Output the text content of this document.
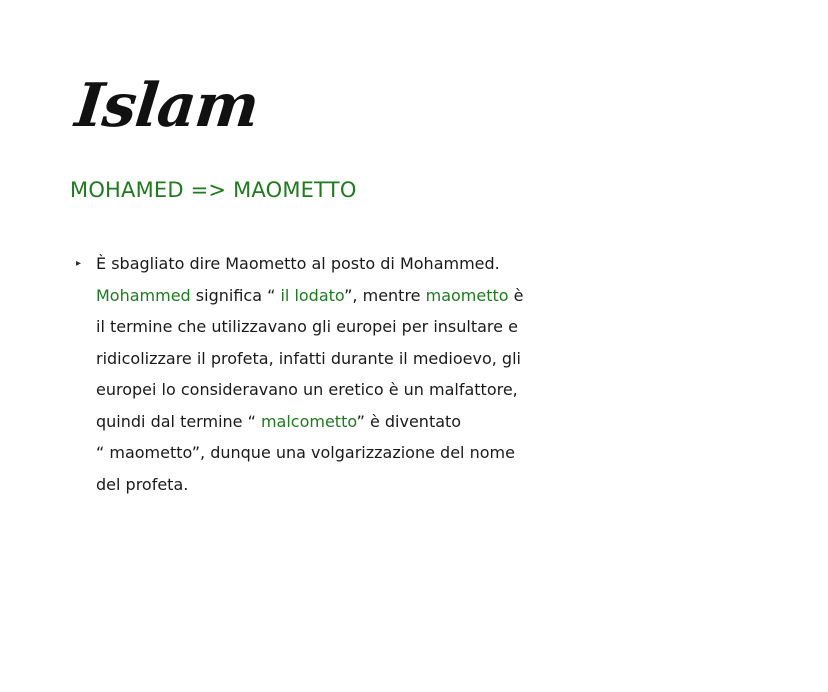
Islam
MOHAMED => MAOMETTO
▸ È sbagliato dire Maometto al posto di Mohammed.
Mohammed significa “ il lodato”, mentre maometto è
il termine che utilizzavano gli europei per insultare e
ridicolizzare il profeta, infatti durante il medioevo, gli
europei lo consideravano un eretico è un malfattore,
quindi dal termine “ malcometto” è diventato
“ maometto”, dunque una volgarizzazione del nome
del profeta.
